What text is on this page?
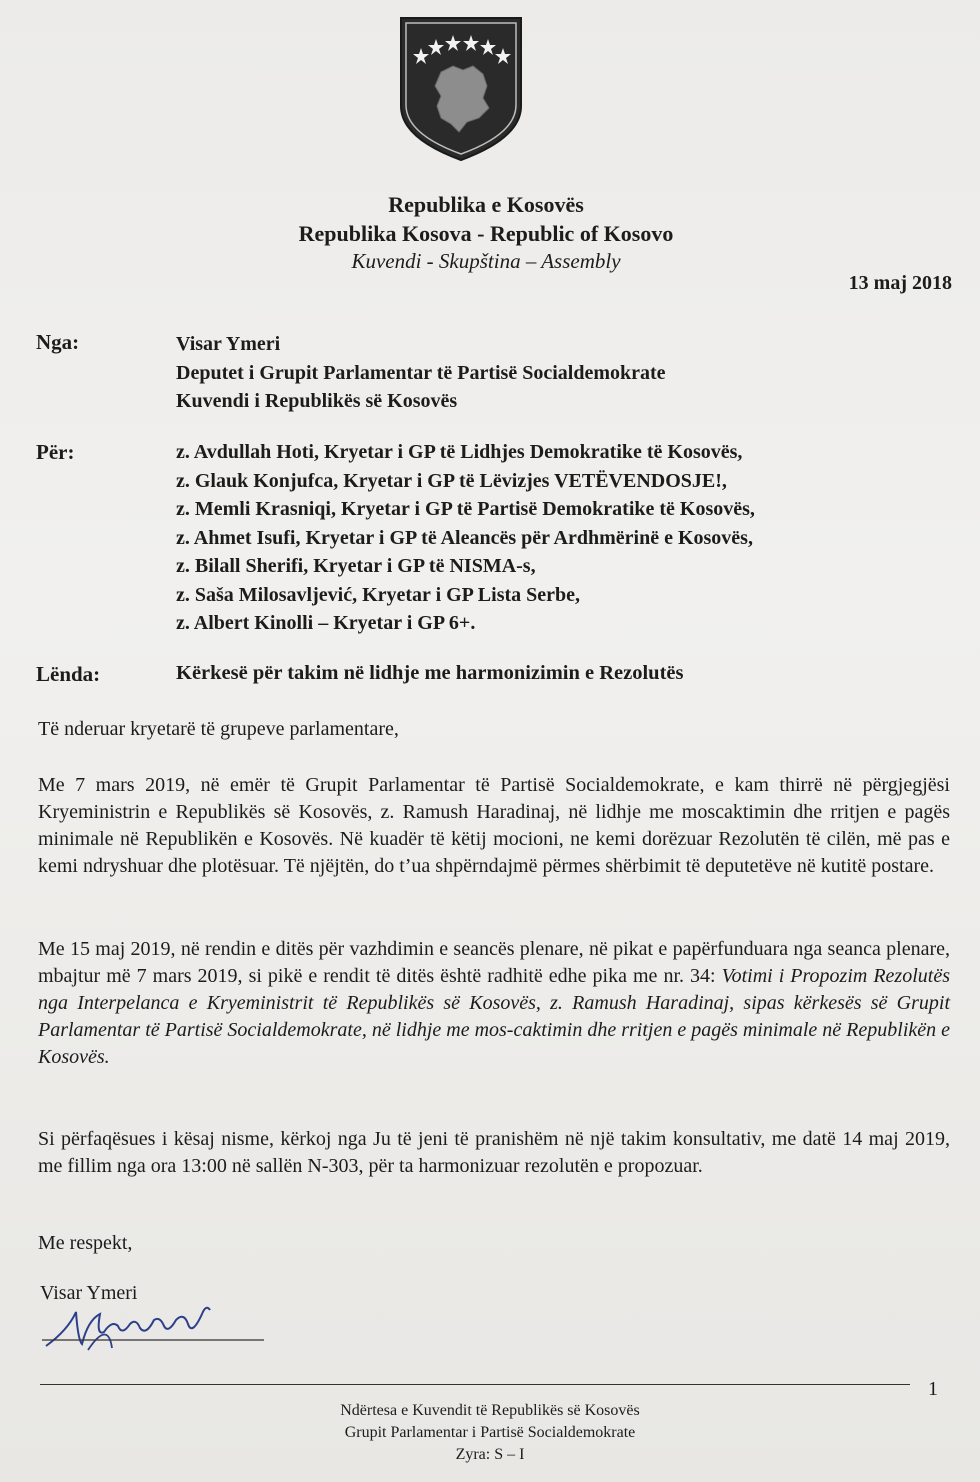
Republika e Kosovës
Republika Kosova - Republic of Kosovo
Kuvendi - Skupština – Assembly
13 maj 2018
Nga:	Visar Ymeri
Deputet i Grupit Parlamentar të Partisë Socialdemokrate
Kuvendi i Republikës së Kosovës
Për:	z. Avdullah Hoti, Kryetar i GP të Lidhjes Demokratike të Kosovës,
z. Glauk Konjufca, Kryetar i GP të Lëvizjes VETËVENDOSJE!,
z. Memli Krasniqi, Kryetar i GP të Partisë Demokratike të Kosovës,
z. Ahmet Isufi, Kryetar i GP të Aleancës për Ardhmërinë e Kosovës,
z. Bilall Sherifi, Kryetar i GP të NISMA-s,
z. Saša Milosavljević, Kryetar i GP Lista Serbe,
z. Albert Kinolli – Kryetar i GP 6+.
Lënda:	Kërkesë për takim në lidhje me harmonizimin e Rezolutës
Të nderuar kryetarë të grupeve parlamentare,
Me 7 mars 2019, në emër të Grupit Parlamentar të Partisë Socialdemokrate, e kam thirrë në përgjegjësi Kryeministrin e Republikës së Kosovës, z. Ramush Haradinaj, në lidhje me moscaktimin dhe rritjen e pagës minimale në Republikën e Kosovës. Në kuadër të këtij mocioni, ne kemi dorëzuar Rezolutën të cilën, më pas e kemi ndryshuar dhe plotësuar. Të njëjtën, do t’ua shpërndajmë përmes shërbimit të deputetëve në kutitë postare.
Me 15 maj 2019, në rendin e ditës për vazhdimin e seancës plenare, në pikat e papërfunduara nga seanca plenare, mbajtur më 7 mars 2019, si pikë e rendit të ditës është radhitë edhe pika me nr. 34: Votimi i Propozim Rezolutës nga Interpelanca e Kryeministrit të Republikës së Kosovës, z. Ramush Haradinaj, sipas kërkesës së Grupit Parlamentar të Partisë Socialdemokrate, në lidhje me mos-caktimin dhe rritjen e pagës minimale në Republikën e Kosovës.
Si përfaqësues i kësaj nisme, kërkoj nga Ju të jeni të pranishëm në një takim konsultativ, me datë 14 maj 2019, me fillim nga ora 13:00 në sallën N-303, për ta harmonizuar rezolutën e propozuar.
Me respekt,
Visar Ymeri
1
Ndërtesa e Kuvendit të Republikës së Kosovës
Grupit Parlamentar i Partisë Socialdemokrate
Zyra: S – I
